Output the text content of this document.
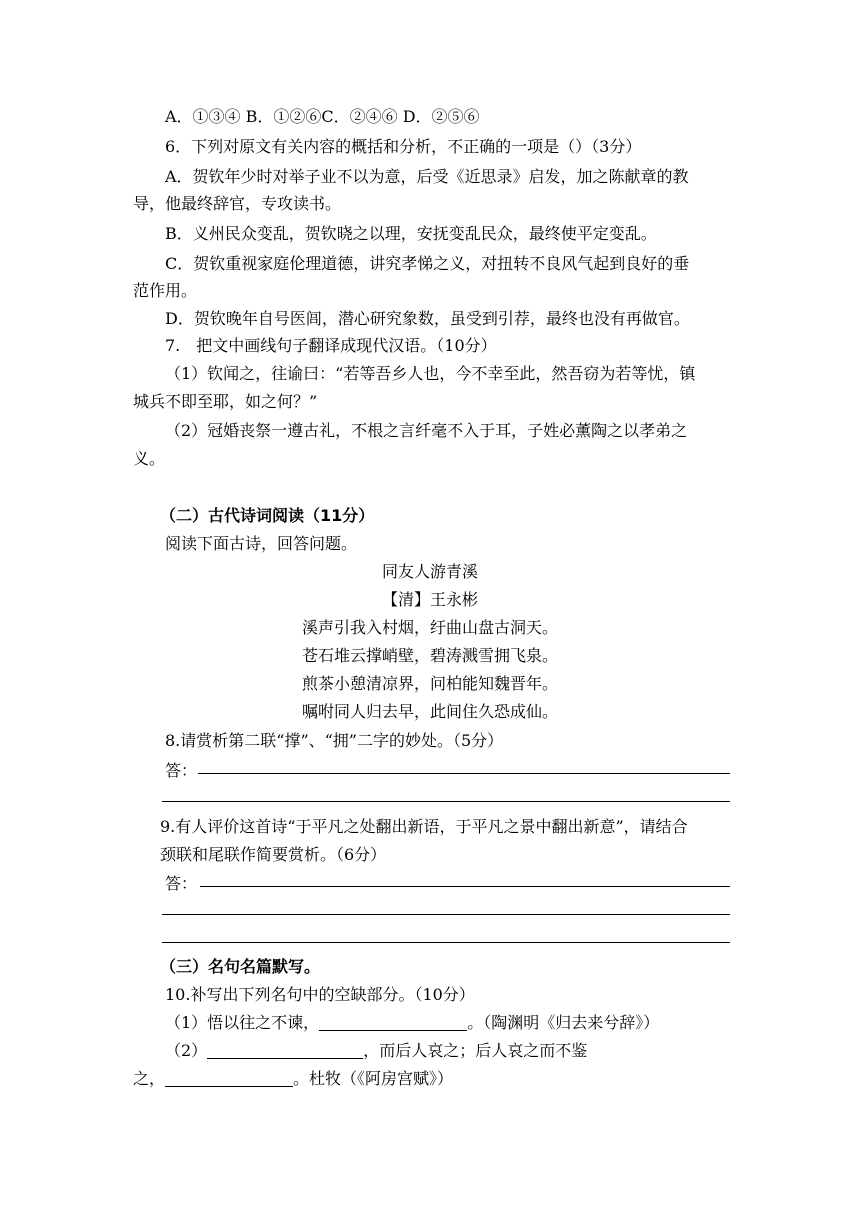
A．①③④ B．①②⑥C．②④⑥ D．②⑤⑥
6．下列对原文有关内容的概括和分析，不正确的一项是（）（3分）
A．贺钦年少时对举子业不以为意，后受《近思录》启发，加之陈献章的教
导，他最终辞官，专攻读书。
B．义州民众变乱，贺钦晓之以理，安抚变乱民众，最终使平定变乱。
C．贺钦重视家庭伦理道德，讲究孝悌之义，对扭转不良风气起到良好的垂
范作用。
D．贺钦晚年自号医闾，潜心研究象数，虽受到引荐，最终也没有再做官。
7.　把文中画线句子翻译成现代汉语。（10分）
（1）钦闻之，往谕曰：“若等吾乡人也，今不幸至此，然吾窃为若等忧，镇
城兵不即至耶，如之何？”
（2）冠婚丧祭一遵古礼，不根之言纤毫不入于耳，子姓必薰陶之以孝弟之
义。
（二）古代诗词阅读（11分）
阅读下面古诗，回答问题。
同友人游青溪
【清】王永彬
溪声引我入村烟，纡曲山盘古洞天。
苍石堆云撑峭壁，碧涛溅雪拥飞泉。
煎茶小憩清凉界，问柏能知魏晋年。
嘱咐同人归去早，此间住久恐成仙。
8.请赏析第二联“撑”、“拥”二字的妙处。（5分）
答：
9.有人评价这首诗“于平凡之处翻出新语，于平凡之景中翻出新意”，请结合
颈联和尾联作简要赏析。（6分）
答：
（三）名句名篇默写。
10.补写出下列名句中的空缺部分。（10分）
（1）悟以往之不谏，	。（陶渊明《归去来兮辞》）
（2）	，而后人哀之；后人哀之而不鉴
之，	。杜牧（《阿房宫赋》）
